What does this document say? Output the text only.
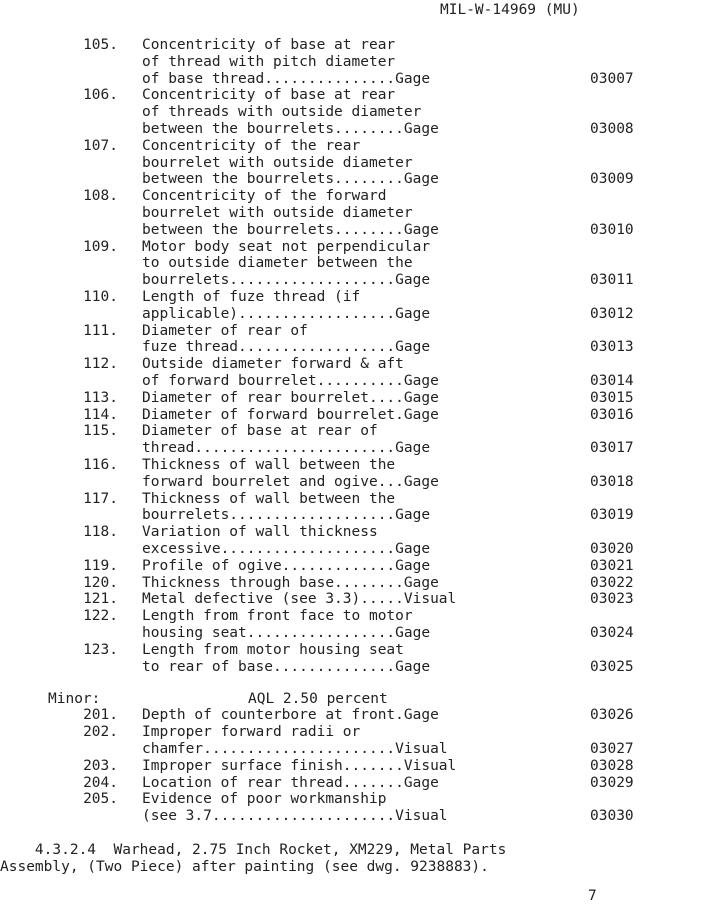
MIL-W-14969 (MU)
105. Concentricity of base at rear
of thread with pitch diameter
of base thread...............Gage	03007
106. Concentricity of base at rear
of threads with outside diameter
between the bourrelets........Gage	03008
107. Concentricity of the rear
bourrelet with outside diameter
between the bourrelets........Gage	03009
108. Concentricity of the forward
bourrelet with outside diameter
between the bourrelets........Gage	03010
109. Motor body seat not perpendicular
to outside diameter between the
bourrelets...................Gage	03011
110. Length of fuze thread (if
applicable)..................Gage	03012
111. Diameter of rear of
fuze thread..................Gage	03013
112. Outside diameter forward & aft
of forward bourrelet..........Gage	03014
113. Diameter of rear bourrelet....Gage	03015
114. Diameter of forward bourrelet.Gage	03016
115. Diameter of base at rear of
thread.......................Gage	03017
116. Thickness of wall between the
forward bourrelet and ogive...Gage	03018
117. Thickness of wall between the
bourrelets...................Gage	03019
118. Variation of wall thickness
excessive....................Gage	03020
119. Profile of ogive.............Gage	03021
120. Thickness through base........Gage	03022
121. Metal defective (see 3.3).....Visual	03023
122. Length from front face to motor
housing seat.................Gage	03024
123. Length from motor housing seat
to rear of base..............Gage	03025
Minor:	AQL 2.50 percent
201. Depth of counterbore at front.Gage	03026
202. Improper forward radii or
chamfer......................Visual	03027
203. Improper surface finish.......Visual	03028
204. Location of rear thread.......Gage	03029
205. Evidence of poor workmanship
(see 3.7.....................Visual	03030
4.3.2.4  Warhead, 2.75 Inch Rocket, XM229, Metal Parts
Assembly, (Two Piece) after painting (see dwg. 9238883).
7
